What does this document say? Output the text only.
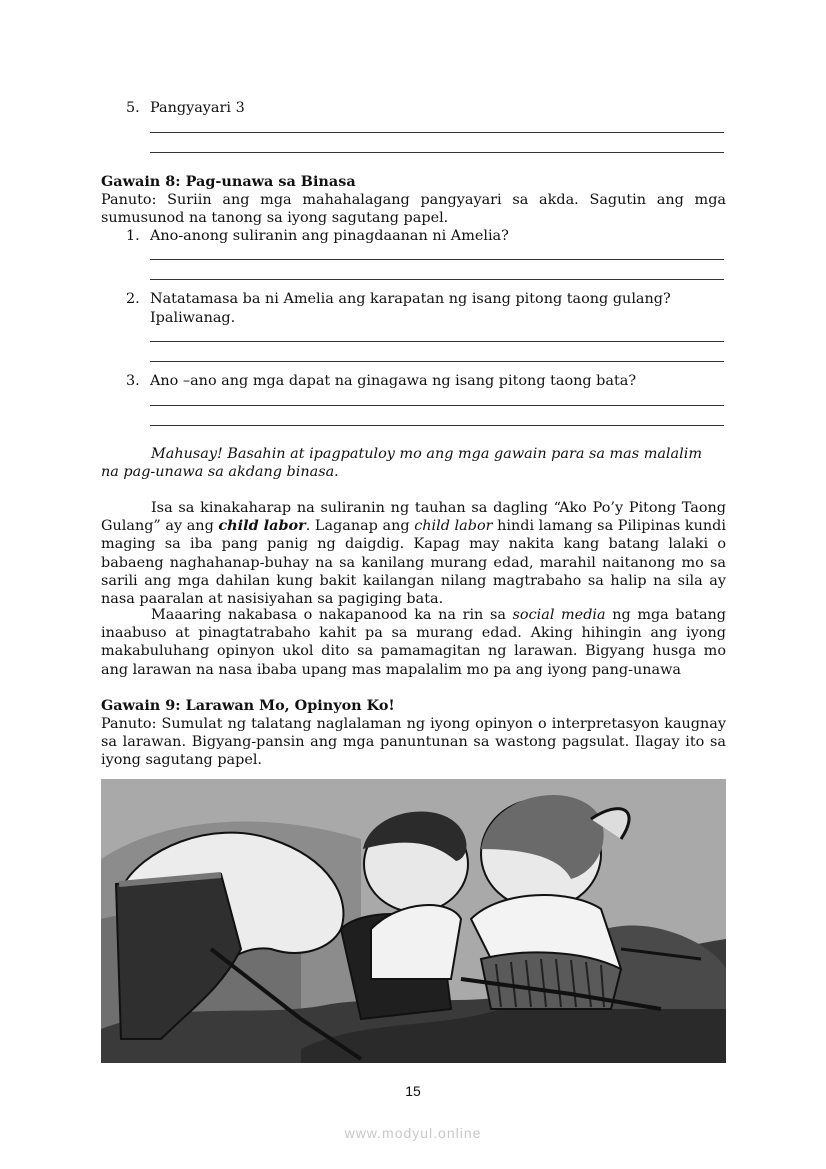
5. Pangyayari 3
Gawain 8: Pag-unawa sa Binasa
Panuto: Suriin ang mga mahahalagang pangyayari sa akda. Sagutin ang mga sumusunod na tanong sa iyong sagutang papel.
1. Ano-anong suliranin ang pinagdaanan ni Amelia?
2. Natatamasa ba ni Amelia ang karapatan ng isang pitong taong gulang?
Ipaliwanag.
3. Ano –ano ang mga dapat na ginagawa ng isang pitong taong bata?
Mahusay! Basahin at ipagpatuloy mo ang mga gawain para sa mas malalim na pag-unawa sa akdang binasa.
Isa sa kinakaharap na suliranin ng tauhan sa dagling “Ako Po’y Pitong Taong Gulang” ay ang child labor. Laganap ang child labor hindi lamang sa Pilipinas kundi maging sa iba pang panig ng daigdig. Kapag may nakita kang batang lalaki o babaeng naghahanap-buhay na sa kanilang murang edad, marahil naitanong mo sa sarili ang mga dahilan kung bakit kailangan nilang magtrabaho sa halip na sila ay nasa paaralan at nasisiyahan sa pagiging bata.
Maaaring nakabasa o nakapanood ka na rin sa social media ng mga batang inaabuso at pinagtatrabaho kahit pa sa murang edad. Aking hihingin ang iyong makabuluhang opinyon ukol dito sa pamamagitan ng larawan. Bigyang husga mo ang larawan na nasa ibaba upang mas mapalalim mo pa ang iyong pang-unawa
Gawain 9: Larawan Mo, Opinyon Ko!
Panuto: Sumulat ng talatang naglalaman ng iyong opinyon o interpretasyon kaugnay sa larawan. Bigyang-pansin ang mga panuntunan sa wastong pagsulat. Ilagay ito sa iyong sagutang papel.
15
www.modyul.online
